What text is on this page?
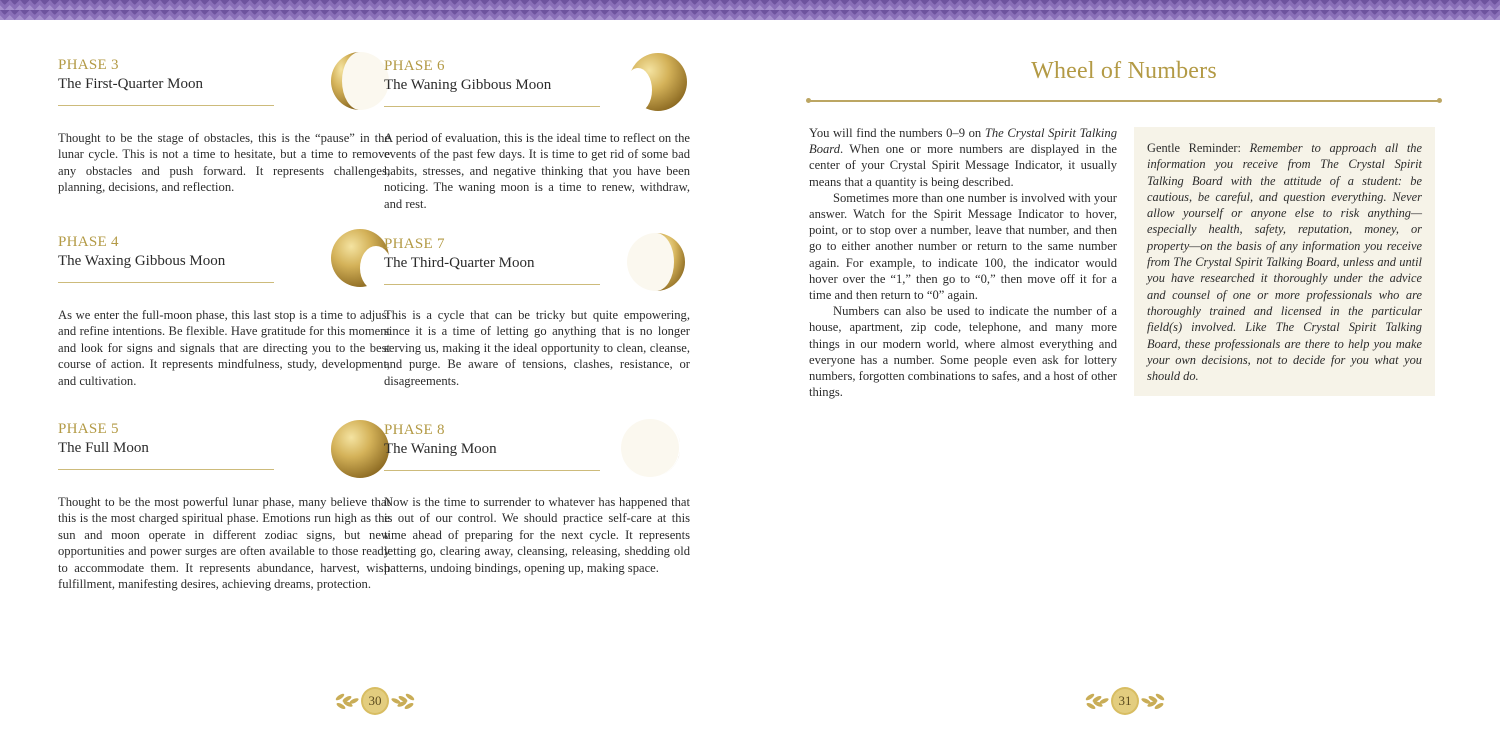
PHASE 3
The First-Quarter Moon
Thought to be the stage of obstacles, this is the “pause” in the lunar cycle. This is not a time to hesitate, but a time to remove any obstacles and push forward. It represents challenges, planning, decisions, and reflection.
PHASE 4
The Waxing Gibbous Moon
As we enter the full-moon phase, this last stop is a time to adjust and refine intentions. Be flexible. Have gratitude for this moment and look for signs and signals that are directing you to the best course of action. It represents mindfulness, study, development, and cultivation.
PHASE 5
The Full Moon
Thought to be the most powerful lunar phase, many believe that this is the most charged spiritual phase. Emotions run high as the sun and moon operate in different zodiac signs, but new opportunities and power surges are often available to those ready to accommodate them. It represents abundance, harvest, wish fulfillment, manifesting desires, achieving dreams, protection.
PHASE 6
The Waning Gibbous Moon
A period of evaluation, this is the ideal time to reflect on the events of the past few days. It is time to get rid of some bad habits, stresses, and negative thinking that you have been noticing. The waning moon is a time to renew, withdraw, and rest.
PHASE 7
The Third-Quarter Moon
This is a cycle that can be tricky but quite empowering, since it is a time of letting go anything that is no longer serving us, making it the ideal opportunity to clean, cleanse, and purge. Be aware of tensions, clashes, resistance, or disagreements.
PHASE 8
The Waning Moon
Now is the time to surrender to whatever has happened that is out of our control. We should practice self-care at this time ahead of preparing for the next cycle. It represents letting go, clearing away, cleansing, releasing, shedding old patterns, undoing bindings, opening up, making space.
Wheel of Numbers

You will find the numbers 0–9 on The Crystal Spirit Talking Board. When one or more numbers are displayed in the center of your Crystal Spirit Message Indicator, it usually means that a quantity is being described.

Sometimes more than one number is involved with your answer. Watch for the Spirit Message Indicator to hover, point, or to stop over a number, leave that number, and then go to either another number or return to the same number again. For example, to indicate 100, the indicator would hover over the “1,” then go to “0,” then move off it for a time and then return to “0” again.

Numbers can also be used to indicate the number of a house, apartment, zip code, telephone, and many more things in our modern world, where almost everything and everyone has a number. Some people even ask for lottery numbers, forgotten combinations to safes, and a host of other things.

Gentle Reminder: Remember to approach all the information you receive from The Crystal Spirit Talking Board with the attitude of a student: be cautious, be careful, and question everything. Never allow yourself or anyone else to risk anything—especially health, safety, reputation, money, or property—on the basis of any information you receive from The Crystal Spirit Talking Board, unless and until you have researched it thoroughly under the advice and counsel of one or more professionals who are thoroughly trained and licensed in the particular field(s) involved. Like The Crystal Spirit Talking Board, these professionals are there to help you make your own decisions, not to decide for you what you should do.
30	31
